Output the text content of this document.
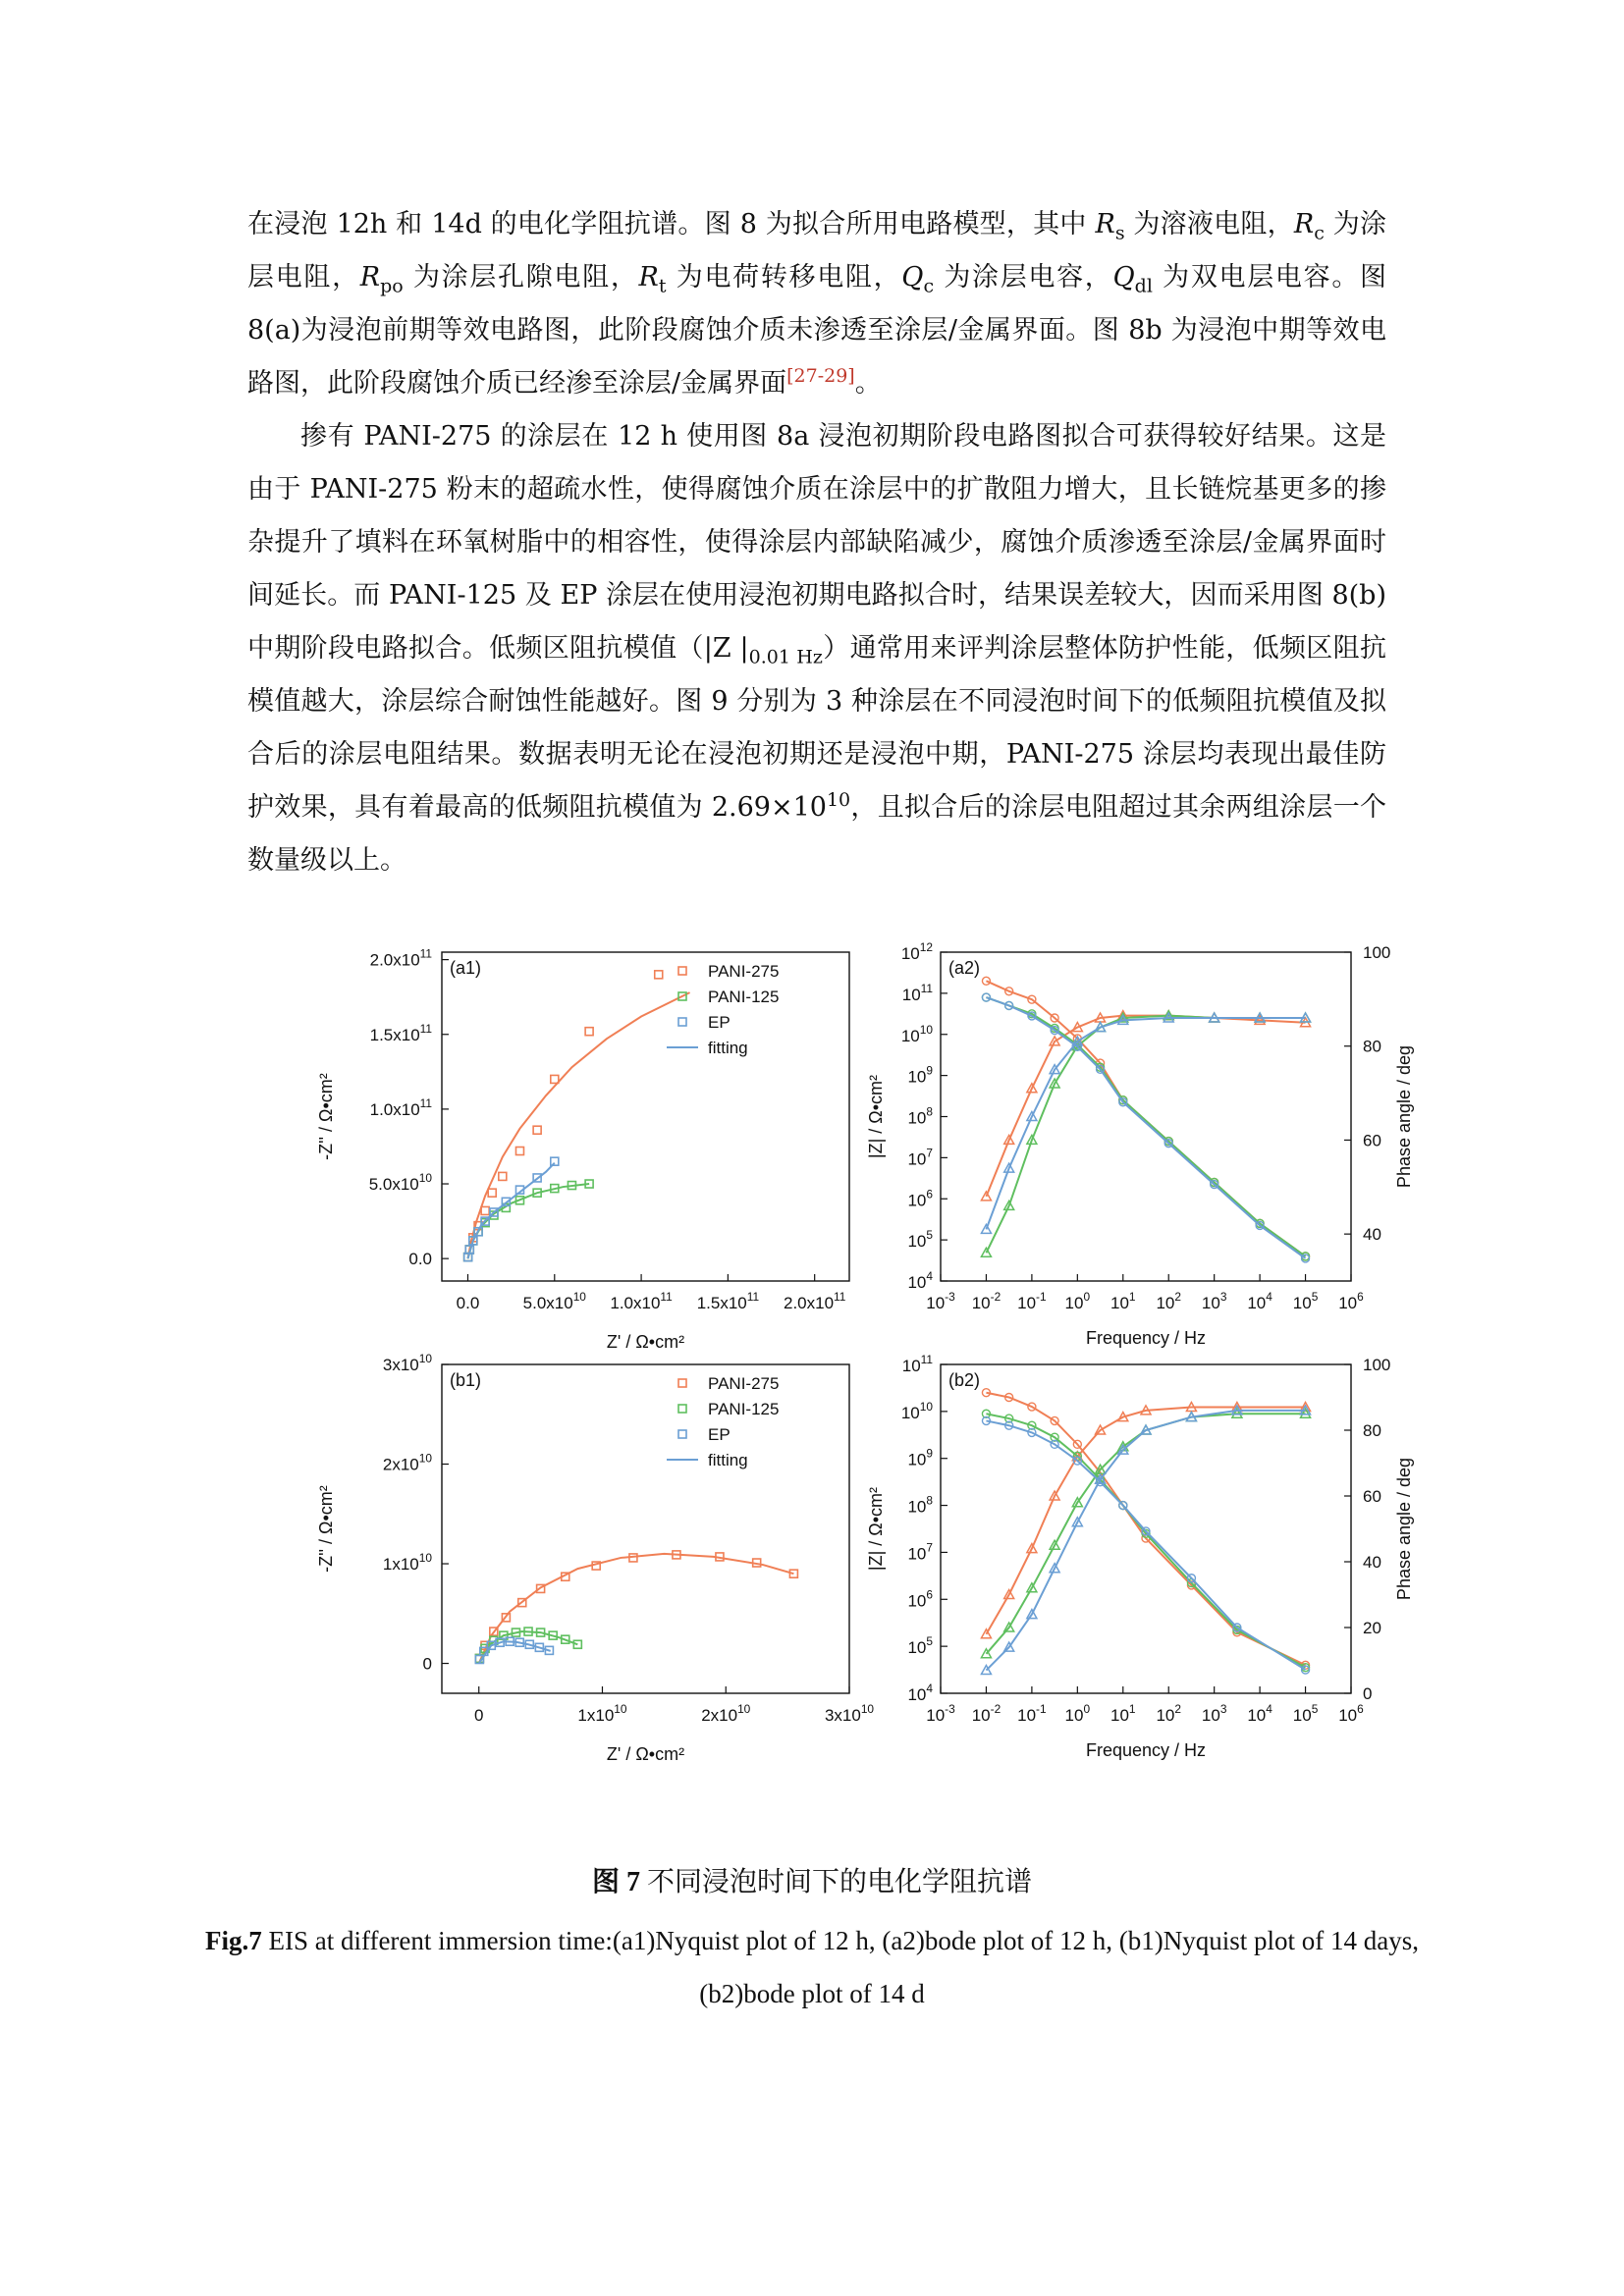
在浸泡 12h 和 14d 的电化学阻抗谱。图 8 为拟合所用电路模型，其中 $R_s$ 为溶液电阻，$R_c$ 为涂层电阻，$R_{po}$ 为涂层孔隙电阻，$R_t$ 为电荷转移电阻，$Q_c$ 为涂层电容，$Q_{dl}$ 为双电层电容。图 8(a)为浸泡前期等效电路图，此阶段腐蚀介质未渗透至涂层/金属界面。图 8b 为浸泡中期等效电路图，此阶段腐蚀介质已经渗至涂层/金属界面[27-29]。

掺有 PANI-275 的涂层在 12 h 使用图 8a 浸泡初期阶段电路图拟合可获得较好结果。这是由于 PANI-275 粉末的超疏水性，使得腐蚀介质在涂层中的扩散阻力增大，且长链烷基更多的掺杂提升了填料在环氧树脂中的相容性，使得涂层内部缺陷减少，腐蚀介质渗透至涂层/金属界面时间延长。而 PANI-125 及 EP 涂层在使用浸泡初期电路拟合时，结果误差较大，因而采用图 8(b)中期阶段电路拟合。低频区阻抗模值（|Z $|_{0.01 Hz}$）通常用来评判涂层整体防护性能，低频区阻抗模值越大，涂层综合耐蚀性能越好。图 9 分别为 3 种涂层在不同浸泡时间下的低频阻抗模值及拟合后的涂层电阻结果。数据表明无论在浸泡初期还是浸泡中期，PANI-275 涂层均表现出最佳防护效果，具有着最高的低频阻抗模值为 $2.69\times 10^{10}$，且拟合后的涂层电阻超过其余两组涂层一个数量级以上。

0.0	$5.0x10^{10}$ $1.0x10^{11}$ $1.5x10^{11}$ $2.0x10^{11}$
0.0
$5.0x10^{10}$
$1.0x10^{11}$
$1.5x10^{11}$
$2.0x10^{11}$
(a1)
Z' / Ω•cm²
-Z'' / Ω•cm²
PANI-275
PANI-125
EP
fitting
$10^{-3}$ $10^{-2}$ $10^{-1}$ $10^0$ $10^1$ $10^2$ $10^3$ $10^4$ $10^5$ $10^6$
$10^4$
$10^5$
$10^6$
$10^7$
$10^8$
$10^9$
$10^{10}$
$10^{11}$
$10^{12}$
40
60
80
100
(a2)
Frequency / Hz
|Z| / Ω•cm²	Phase angle / deg
0	$1x10^{10}$	$2x10^{10}$	$3x10^{10}$
0
$1x10^{10}$
$2x10^{10}$
$3x10^{10}$
(b1)
Z' / Ω•cm²
-Z'' / Ω•cm²
PANI-275
PANI-125
EP
fitting
$10^{-3}$ $10^{-2}$ $10^{-1}$ $10^0$ $10^1$ $10^2$ $10^3$ $10^4$ $10^5$ $10^6$
$10^4$
$10^5$
$10^6$
$10^7$
$10^8$
$10^9$
$10^{10}$
$10^{11}$
0
20
40
60
80
100
(b2)
Frequency / Hz
|Z| / Ω•cm²	Phase angle / deg
图 7 不同浸泡时间下的电化学阻抗谱
Fig.7 EIS at different immersion time:(a1)Nyquist plot of 12 h, (a2)bode plot of 12 h, (b1)Nyquist plot of 14 days, (b2)bode plot of 14 d
